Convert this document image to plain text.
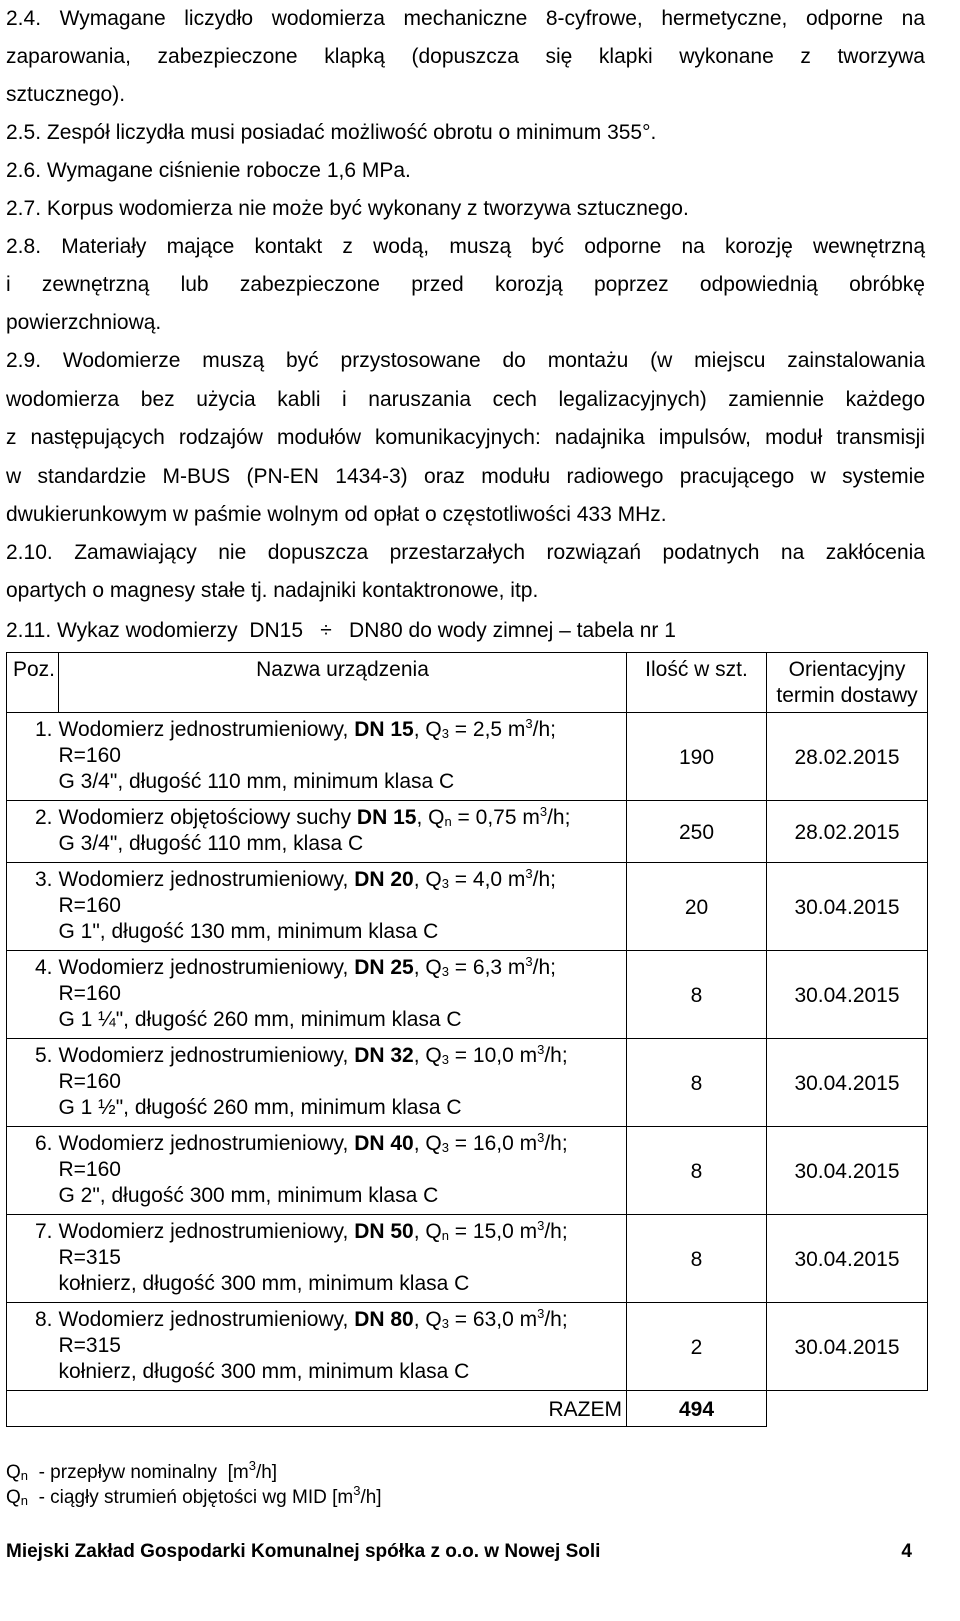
2.4. Wymagane liczydło wodomierza mechaniczne 8-cyfrowe, hermetyczne, odporne na
zaparowania, zabezpieczone klapką (dopuszcza się klapki wykonane z tworzywa
sztucznego).
2.5. Zespół liczydła musi posiadać możliwość obrotu o minimum 355°.
2.6. Wymagane ciśnienie robocze 1,6 MPa.
2.7. Korpus wodomierza nie może być wykonany z tworzywa sztucznego.
2.8. Materiały mające kontakt z wodą, muszą być odporne na korozję wewnętrzną
i zewnętrzną lub zabezpieczone przed korozją poprzez odpowiednią obróbkę
powierzchniową.
2.9. Wodomierze muszą być przystosowane do montażu (w miejscu zainstalowania
wodomierza bez użycia kabli i naruszania cech legalizacyjnych) zamiennie każdego
z następujących rodzajów modułów komunikacyjnych: nadajnika impulsów, moduł transmisji
w standardzie M-BUS (PN-EN 1434-3) oraz modułu radiowego pracującego w systemie
dwukierunkowym w paśmie wolnym od opłat o częstotliwości 433 MHz.
2.10. Zamawiający nie dopuszcza przestarzałych rozwiązań podatnych na zakłócenia
opartych o magnesy stałe tj. nadajniki kontaktronowe, itp.
2.11. Wykaz wodomierzy  DN15 ÷ DN80 do wody zimnej – tabela nr 1
Poz.	Nazwa urządzenia	Ilość w szt.	Orientacyjny
termin dostawy

1.	Wodomierz jednostrumieniowy, DN 15, $Q_3 = 2,5$ $m^3/h$;
R=160
G 3/4", długość 110 mm, minimum klasa C	190	28.02.2015
2.	Wodomierz objętościowy suchy DN 15, $Q_n = 0,75$ $m^3/h$;
G 3/4", długość 110 mm, klasa C	250	28.02.2015
3.	Wodomierz jednostrumieniowy, DN 20, $Q_3 = 4,0$ $m^3/h$;
R=160
G 1", długość 130 mm, minimum klasa C	20	30.04.2015
4.	Wodomierz jednostrumieniowy, DN 25, $Q_3 = 6,3$ $m^3/h$;
R=160
G 1 ¼", długość 260 mm, minimum klasa C	8	30.04.2015
5.	Wodomierz jednostrumieniowy, DN 32, $Q_3 = 10,0$ $m^3/h$;
R=160
G 1 ½", długość 260 mm, minimum klasa C	8	30.04.2015
6.	Wodomierz jednostrumieniowy, DN 40, $Q_3 = 16,0$ $m^3/h$;
R=160
G 2", długość 300 mm, minimum klasa C	8	30.04.2015
7.	Wodomierz jednostrumieniowy, DN 50, $Q_n = 15,0$ $m^3/h$;
R=315
kołnierz, długość 300 mm, minimum klasa C	8	30.04.2015
8.	Wodomierz jednostrumieniowy, DN 80, $Q_3 = 63,0$ $m^3/h$;
R=315
kołnierz, długość 300 mm, minimum klasa C	2	30.04.2015
RAZEM		494	
$Q_n$  - przepływ nominalny  $[m^3/h]$
$Q_n$  - ciągły strumień objętości wg MID $[m^3/h]$
Miejski Zakład Gospodarki Komunalnej spółka z o.o. w Nowej Soli	4
